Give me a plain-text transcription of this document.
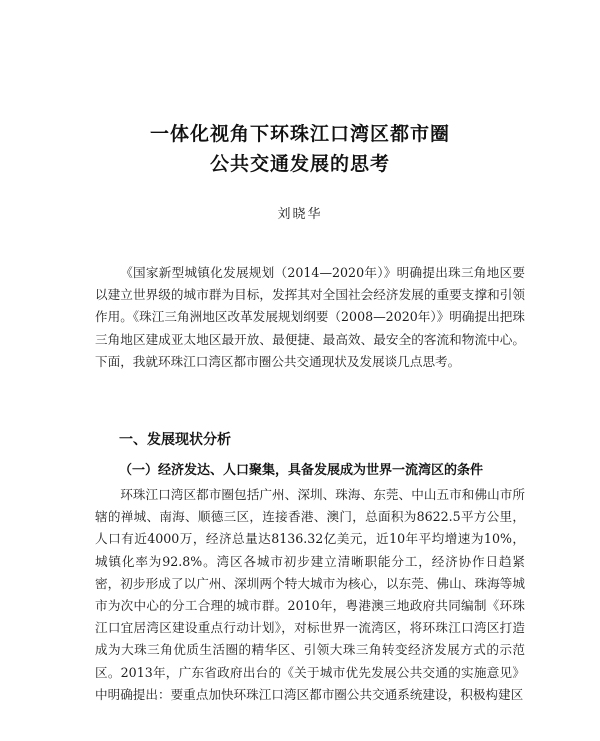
一体化视角下环珠江口湾区都市圈
公共交通发展的思考
刘晓华

《国家新型城镇化发展规划（2014—2020年）》明确提出珠三角地区要以建立世界级的城市群为目标，发挥其对全国社会经济发展的重要支撑和引领作用。《珠江三角洲地区改革发展规划纲要（2008—2020年）》明确提出把珠三角地区建成亚太地区最开放、最便捷、最高效、最安全的客流和物流中心。下面，我就环珠江口湾区都市圈公共交通现状及发展谈几点思考。

一、发展现状分析
（一）经济发达、人口聚集，具备发展成为世界一流湾区的条件

环珠江口湾区都市圈包括广州、深圳、珠海、东莞、中山五市和佛山市所辖的禅城、南海、顺德三区，连接香港、澳门，总面积为8622.5平方公里，人口有近4000万，经济总量达8136.32亿美元，近10年平均增速为10%，城镇化率为92.8%。湾区各城市初步建立清晰职能分工，经济协作日趋紧密，初步形成了以广州、深圳两个特大城市为核心，以东莞、佛山、珠海等城市为次中心的分工合理的城市群。2010年，粤港澳三地政府共同编制《环珠江口宜居湾区建设重点行动计划》，对标世界一流湾区，将环珠江口湾区打造成为大珠三角优质生活圈的精华区、引领大珠三角转变经济发展方式的示范区。2013年，广东省政府出台的《关于城市优先发展公共交通的实施意见》中明确提出：要重点加快环珠江口湾区都市圈公共交通系统建设，积极构建区
